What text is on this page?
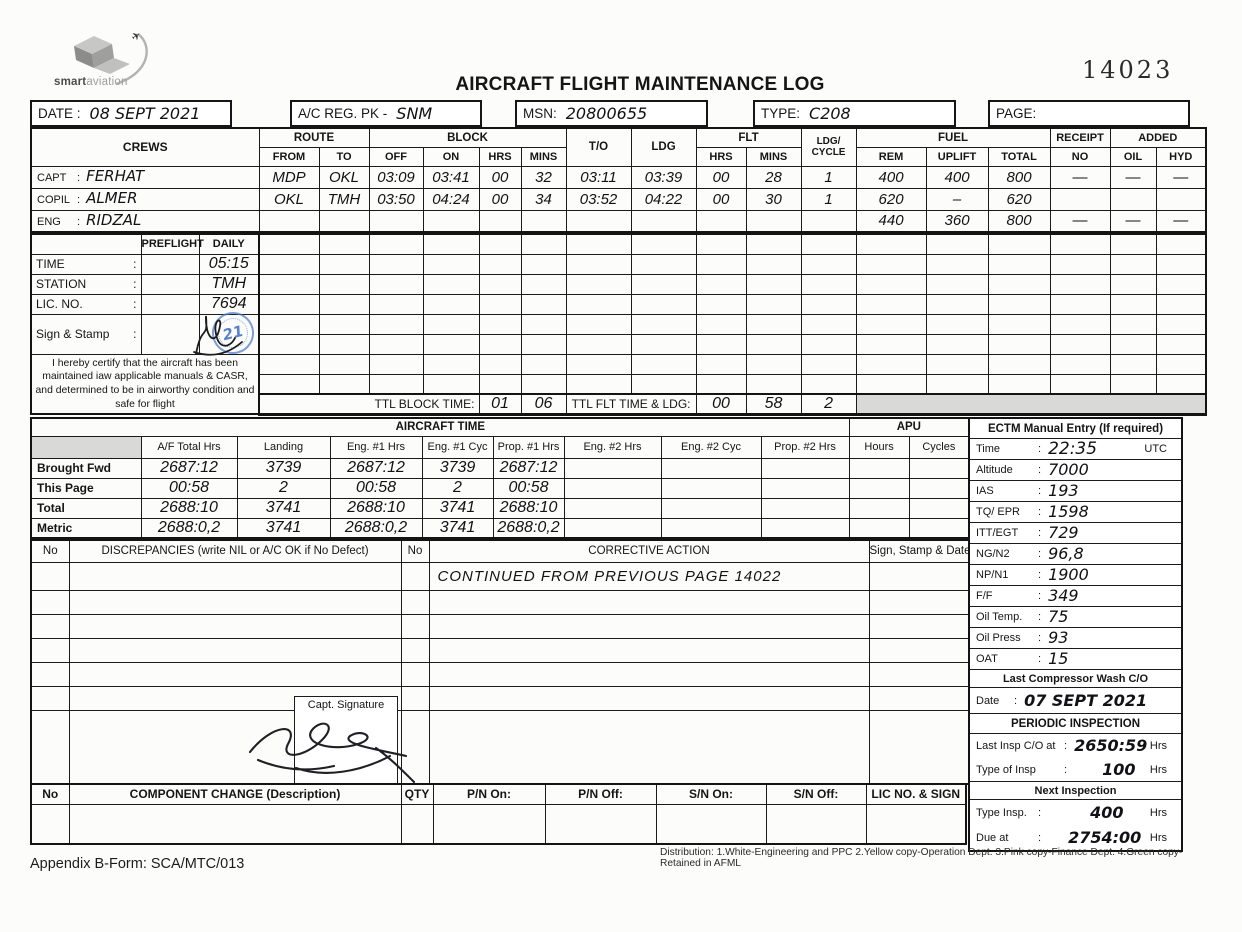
✈
smartaviation	AIRCRAFT FLIGHT MAINTENANCE LOG
14023
DATE : 08 SEPT 2021	A/C REG. PK - SNM	MSN: 20800655	TYPE: C208	PAGE:
CREWS	ROUTE		BLOCK				T/O	LDG	FLT		LDG/
CYCLE	FUEL			RECEIPT	ADDED	
	FROM	TO	OFF	ON	HRS	MINS			HRS	MINS		REM	UPLIFT	TOTAL	NO	OIL	HYD
CAPT : FERHAT	MDP	OKL	03:09	03:41	00	32	03:11	03:39	00	28	1	400	400	800	—	—	—
COPIL : ALMER	OKL	TMH	03:50	04:24	00	34	03:52	04:22	00	30	1	620	–	620			
ENG : RIDZAL												440	360	800	—	—	—
	PREFLIGHT	DAILY
TIME :		05:15
STATION :		TMH
LIC. NO. :		7694
Sign & Stamp :		

I hereby certify that the aircraft has been maintained iaw applicable manuals & CASR, and determined to be in airworthy condition and safe for flight		
21

TTL BLOCK TIME:	01	06	TTL FLT TIME & LDG:	00	58	2	
AIRCRAFT TIME									APU	
	A/F Total Hrs	Landing	Eng. #1 Hrs	Eng. #1 Cyc	Prop. #1 Hrs	Eng. #2 Hrs	Eng. #2 Cyc	Prop. #2 Hrs	Hours	Cycles
Brought Fwd	2687:12	3739	2687:12	3739	2687:12					
This Page	00:58	2	00:58	2	00:58					
Total	2688:10	3741	2688:10	3741	2688:10					
Metric	2688:0,2	3741	2688:0,2	3741	2688:0,2					
ECTM Manual Entry (If required)
Time	: 22:35	UTC
Altitude	: 7000
IAS	: 193
TQ/ EPR	: 1598
ITT/EGT	: 729
NG/N2	: 96,8
NP/N1	: 1900
F/F	: 349
Oil Temp.	: 75
Oil Press	: 93
OAT	: 15
Last Compressor Wash C/O
Date	: 07 SEPT 2021
PERIODIC INSPECTION
Last Insp C/O at : 2650:59 Hrs
Type of Insp	: 100 Hrs
Next Inspection
Type Insp.	:	400 Hrs
Due at	: 2754:00 Hrs
No	DISCREPANCIES (write NIL or A/C OK if No Defect)	No	CORRECTIVE ACTION	Sign, Stamp & Date
			CONTINUED FROM PREVIOUS PAGE 14022	

Capt. Signature
No	COMPONENT CHANGE (Description)	QTY	P/N On:	P/N Off:	S/N On:	S/N Off:	LIC NO. & SIGN

Appendix B-Form: SCA/MTC/013
Distribution: 1.White-Engineering and PPC 2.Yellow copy-Operation Dept. 3.Pink copy-Finance Dept. 4.Green copy-Retained in AFML
